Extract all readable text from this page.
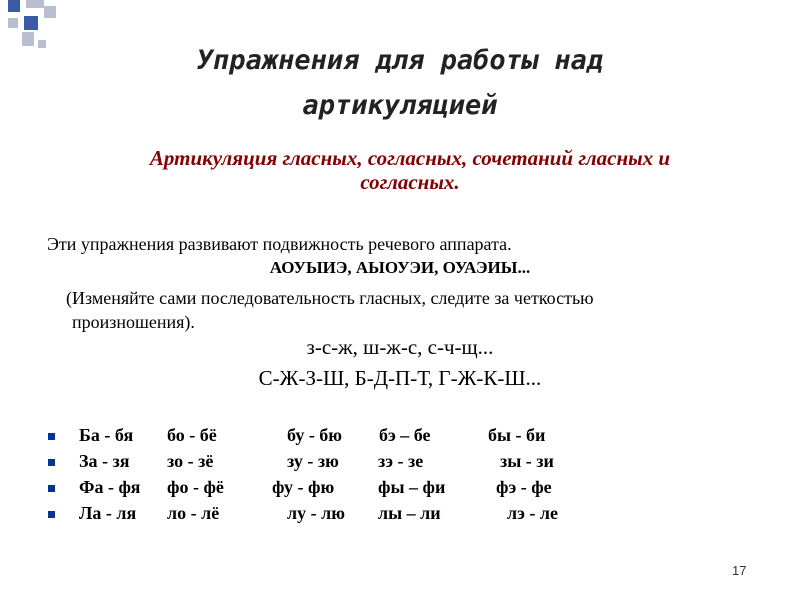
Упражнения для работы над
артикуляцией
Артикуляция гласных, согласных, сочетаний гласных и
согласных.
Эти упражнения развивают подвижность речевого аппарата.
АОУЫИЭ, АЫОУЭИ, ОУАЭИЫ...
(Изменяйте сами последовательность гласных, следите за четкостью
произношения).
з-с-ж, ш-ж-с, с-ч-щ...
С-Ж-З-Ш, Б-Д-П-Т, Г-Ж-К-Ш...
Ба - бя бо - бё	бу - бю бэ – бе	бы - би
За - зя зо - зё	зу - зю зэ - зе	зы - зи
Фа - фя фо - фё	фу - фю фы – фи	фэ - фе
Ла - ля ло - лё	лу - лю лы – ли	лэ - ле
17
